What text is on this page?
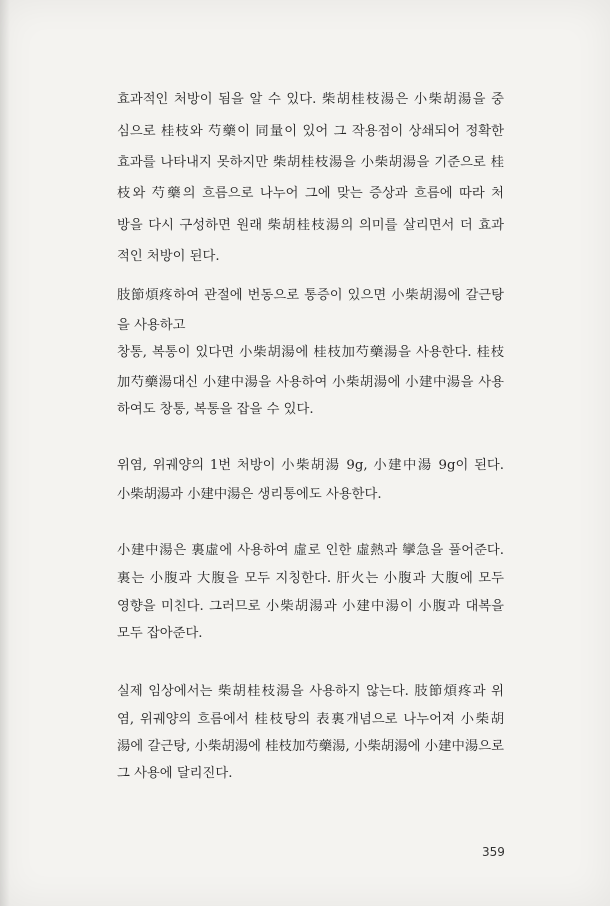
효과적인 처방이 됨을 알 수 있다. 柴胡桂枝湯은 小柴胡湯을 중
심으로 桂枝와 芍藥이 同量이 있어 그 작용점이 상쇄되어 정확한
효과를 나타내지 못하지만 柴胡桂枝湯을 小柴胡湯을 기준으로 桂
枝와 芍藥의 흐름으로 나누어 그에 맞는 증상과 흐름에 따라 처
방을 다시 구성하면 원래 柴胡桂枝湯의 의미를 살리면서 더 효과
적인 처방이 된다.
肢節煩疼하여 관절에 번동으로 통증이 있으면 小柴胡湯에 갈근탕
을 사용하고
창통, 복통이 있다면 小柴胡湯에 桂枝加芍藥湯을 사용한다. 桂枝
加芍藥湯대신 小建中湯을 사용하여 小柴胡湯에 小建中湯을 사용
하여도 창통, 복통을 잡을 수 있다.
위염, 위궤양의 1번 처방이 小柴胡湯 9g, 小建中湯 9g이 된다.
小柴胡湯과 小建中湯은 생리통에도 사용한다.
小建中湯은 裏虛에 사용하여 虛로 인한 虛熱과 攣急을 풀어준다.
裏는 小腹과 大腹을 모두 지칭한다. 肝火는 小腹과 大腹에 모두
영향을 미친다. 그러므로 小柴胡湯과 小建中湯이 小腹과 대복을
모두 잡아준다.
실제 임상에서는 柴胡桂枝湯을 사용하지 않는다. 肢節煩疼과 위
염, 위궤양의 흐름에서 桂枝탕의 表裏개념으로 나누어져 小柴胡
湯에 갈근탕, 小柴胡湯에 桂枝加芍藥湯, 小柴胡湯에 小建中湯으로
그 사용에 달리진다.
359
